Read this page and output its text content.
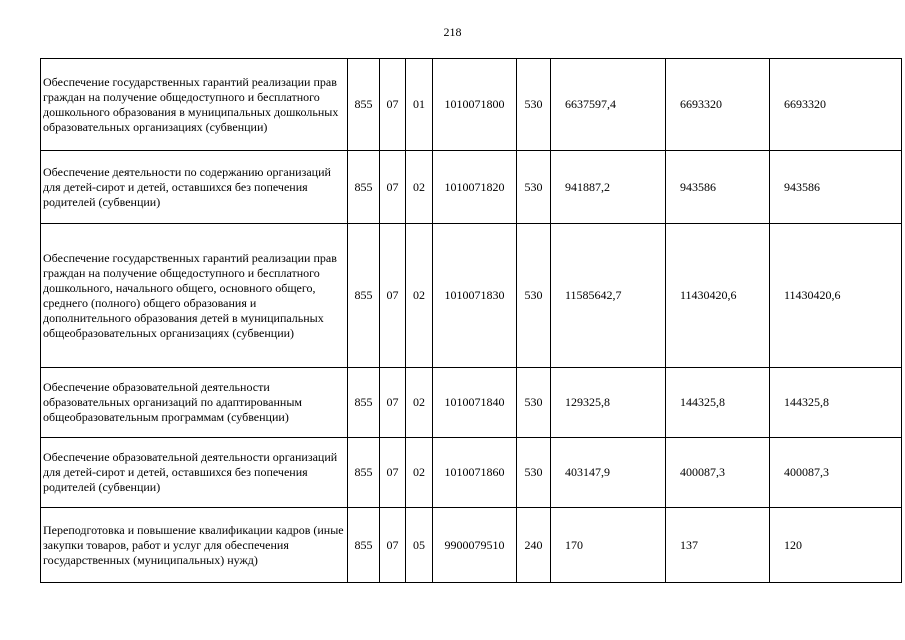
218
Обеспечение государственных гарантий реализации прав граждан на получение общедоступного и бесплатного дошкольного образования в муниципальных дошкольных образовательных организациях (субвенции)	855	07	01	1010071800	530	6637597,4	6693320	6693320
Обеспечение деятельности по содержанию организаций для детей-сирот и детей, оставшихся без попечения родителей (субвенции)	855	07	02	1010071820	530	941887,2	943586	943586
Обеспечение государственных гарантий реализации прав граждан на получение общедоступного и бесплатного дошкольного, начального общего, основного общего, среднего (полного) общего образования и дополнительного образования детей в муниципальных общеобразовательных организациях (субвенции)	855	07	02	1010071830	530	11585642,7	11430420,6	11430420,6
Обеспечение образовательной деятельности образовательных организаций по адаптированным общеобразовательным программам (субвенции)	855	07	02	1010071840	530	129325,8	144325,8	144325,8
Обеспечение образовательной деятельности организаций для детей-сирот и детей, оставшихся без попечения родителей (субвенции)	855	07	02	1010071860	530	403147,9	400087,3	400087,3
Переподготовка и повышение квалификации кадров (иные закупки товаров, работ и услуг для обеспечения государственных (муниципальных) нужд)	855	07	05	9900079510	240	170	137	120
